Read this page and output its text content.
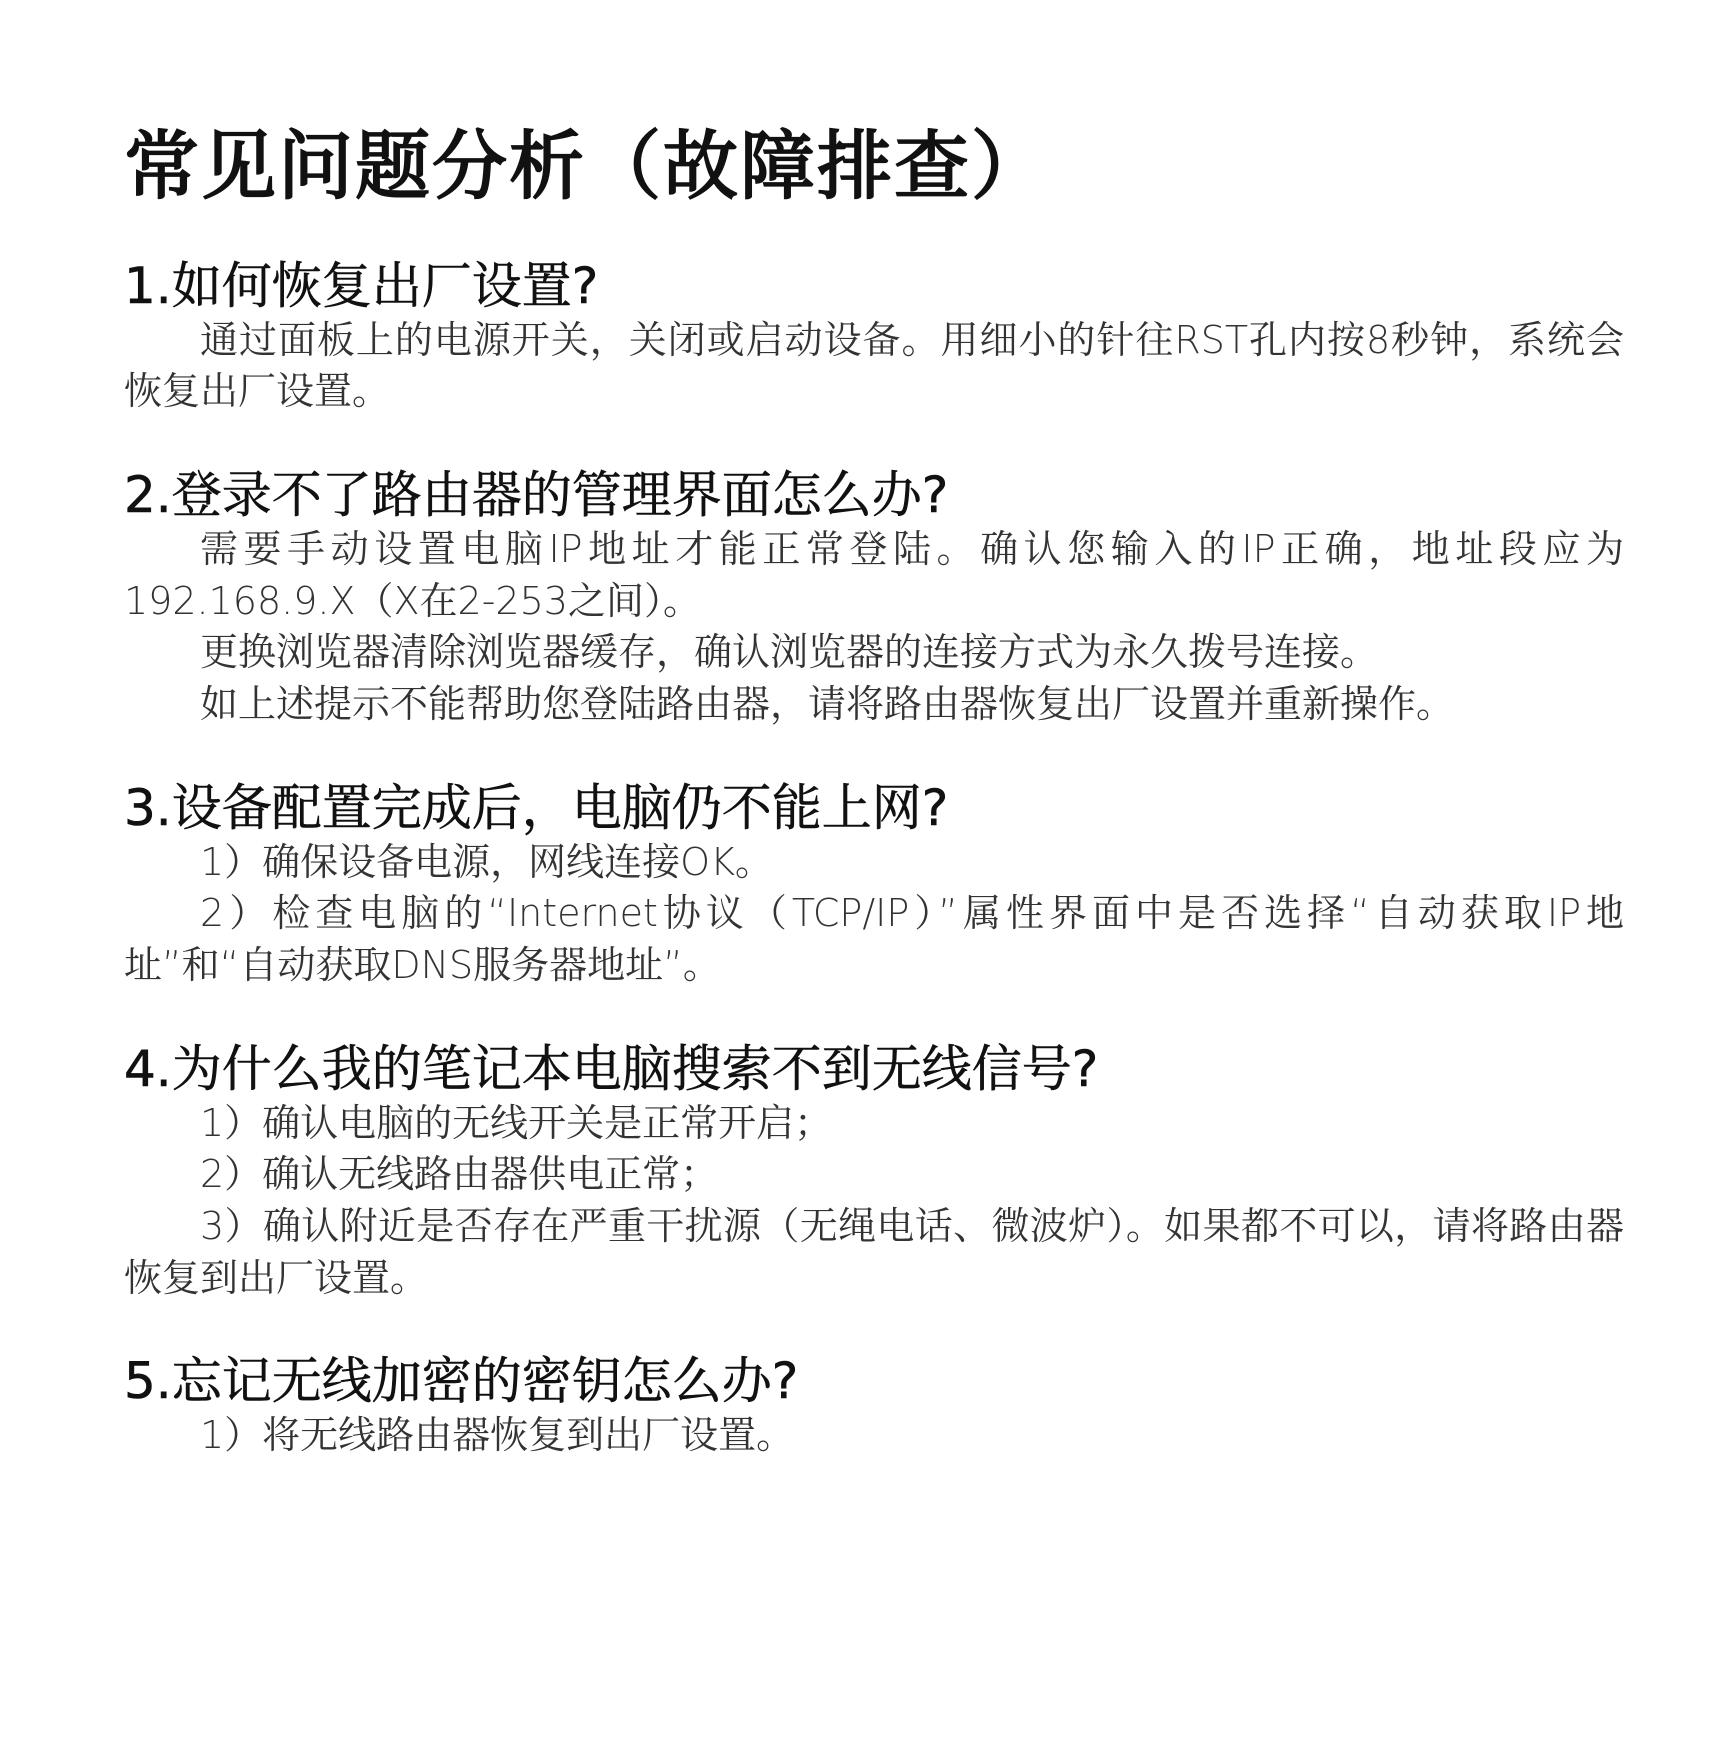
常见问题分析（故障排查）
1.如何恢复出厂设置?

通过面板上的电源开关，关闭或启动设备。用细小的针往RST孔内按8秒钟，系统会恢复出厂设置。

2.登录不了路由器的管理界面怎么办?

需要手动设置电脑IP地址才能正常登陆。确认您输入的IP正确，地址段应为192.168.9.X（X在2-253之间）。

更换浏览器清除浏览器缓存，确认浏览器的连接方式为永久拨号连接。

如上述提示不能帮助您登陆路由器，请将路由器恢复出厂设置并重新操作。

3.设备配置完成后，电脑仍不能上网?

1）确保设备电源，网线连接OK。

2）检查电脑的“Internet协议（TCP/IP）”属性界面中是否选择“自动获取IP地址”和“自动获取DNS服务器地址”。

4.为什么我的笔记本电脑搜索不到无线信号?

1）确认电脑的无线开关是正常开启；

2）确认无线路由器供电正常；

3）确认附近是否存在严重干扰源（无绳电话、微波炉）。如果都不可以，请将路由器恢复到出厂设置。

5.忘记无线加密的密钥怎么办?

1）将无线路由器恢复到出厂设置。
